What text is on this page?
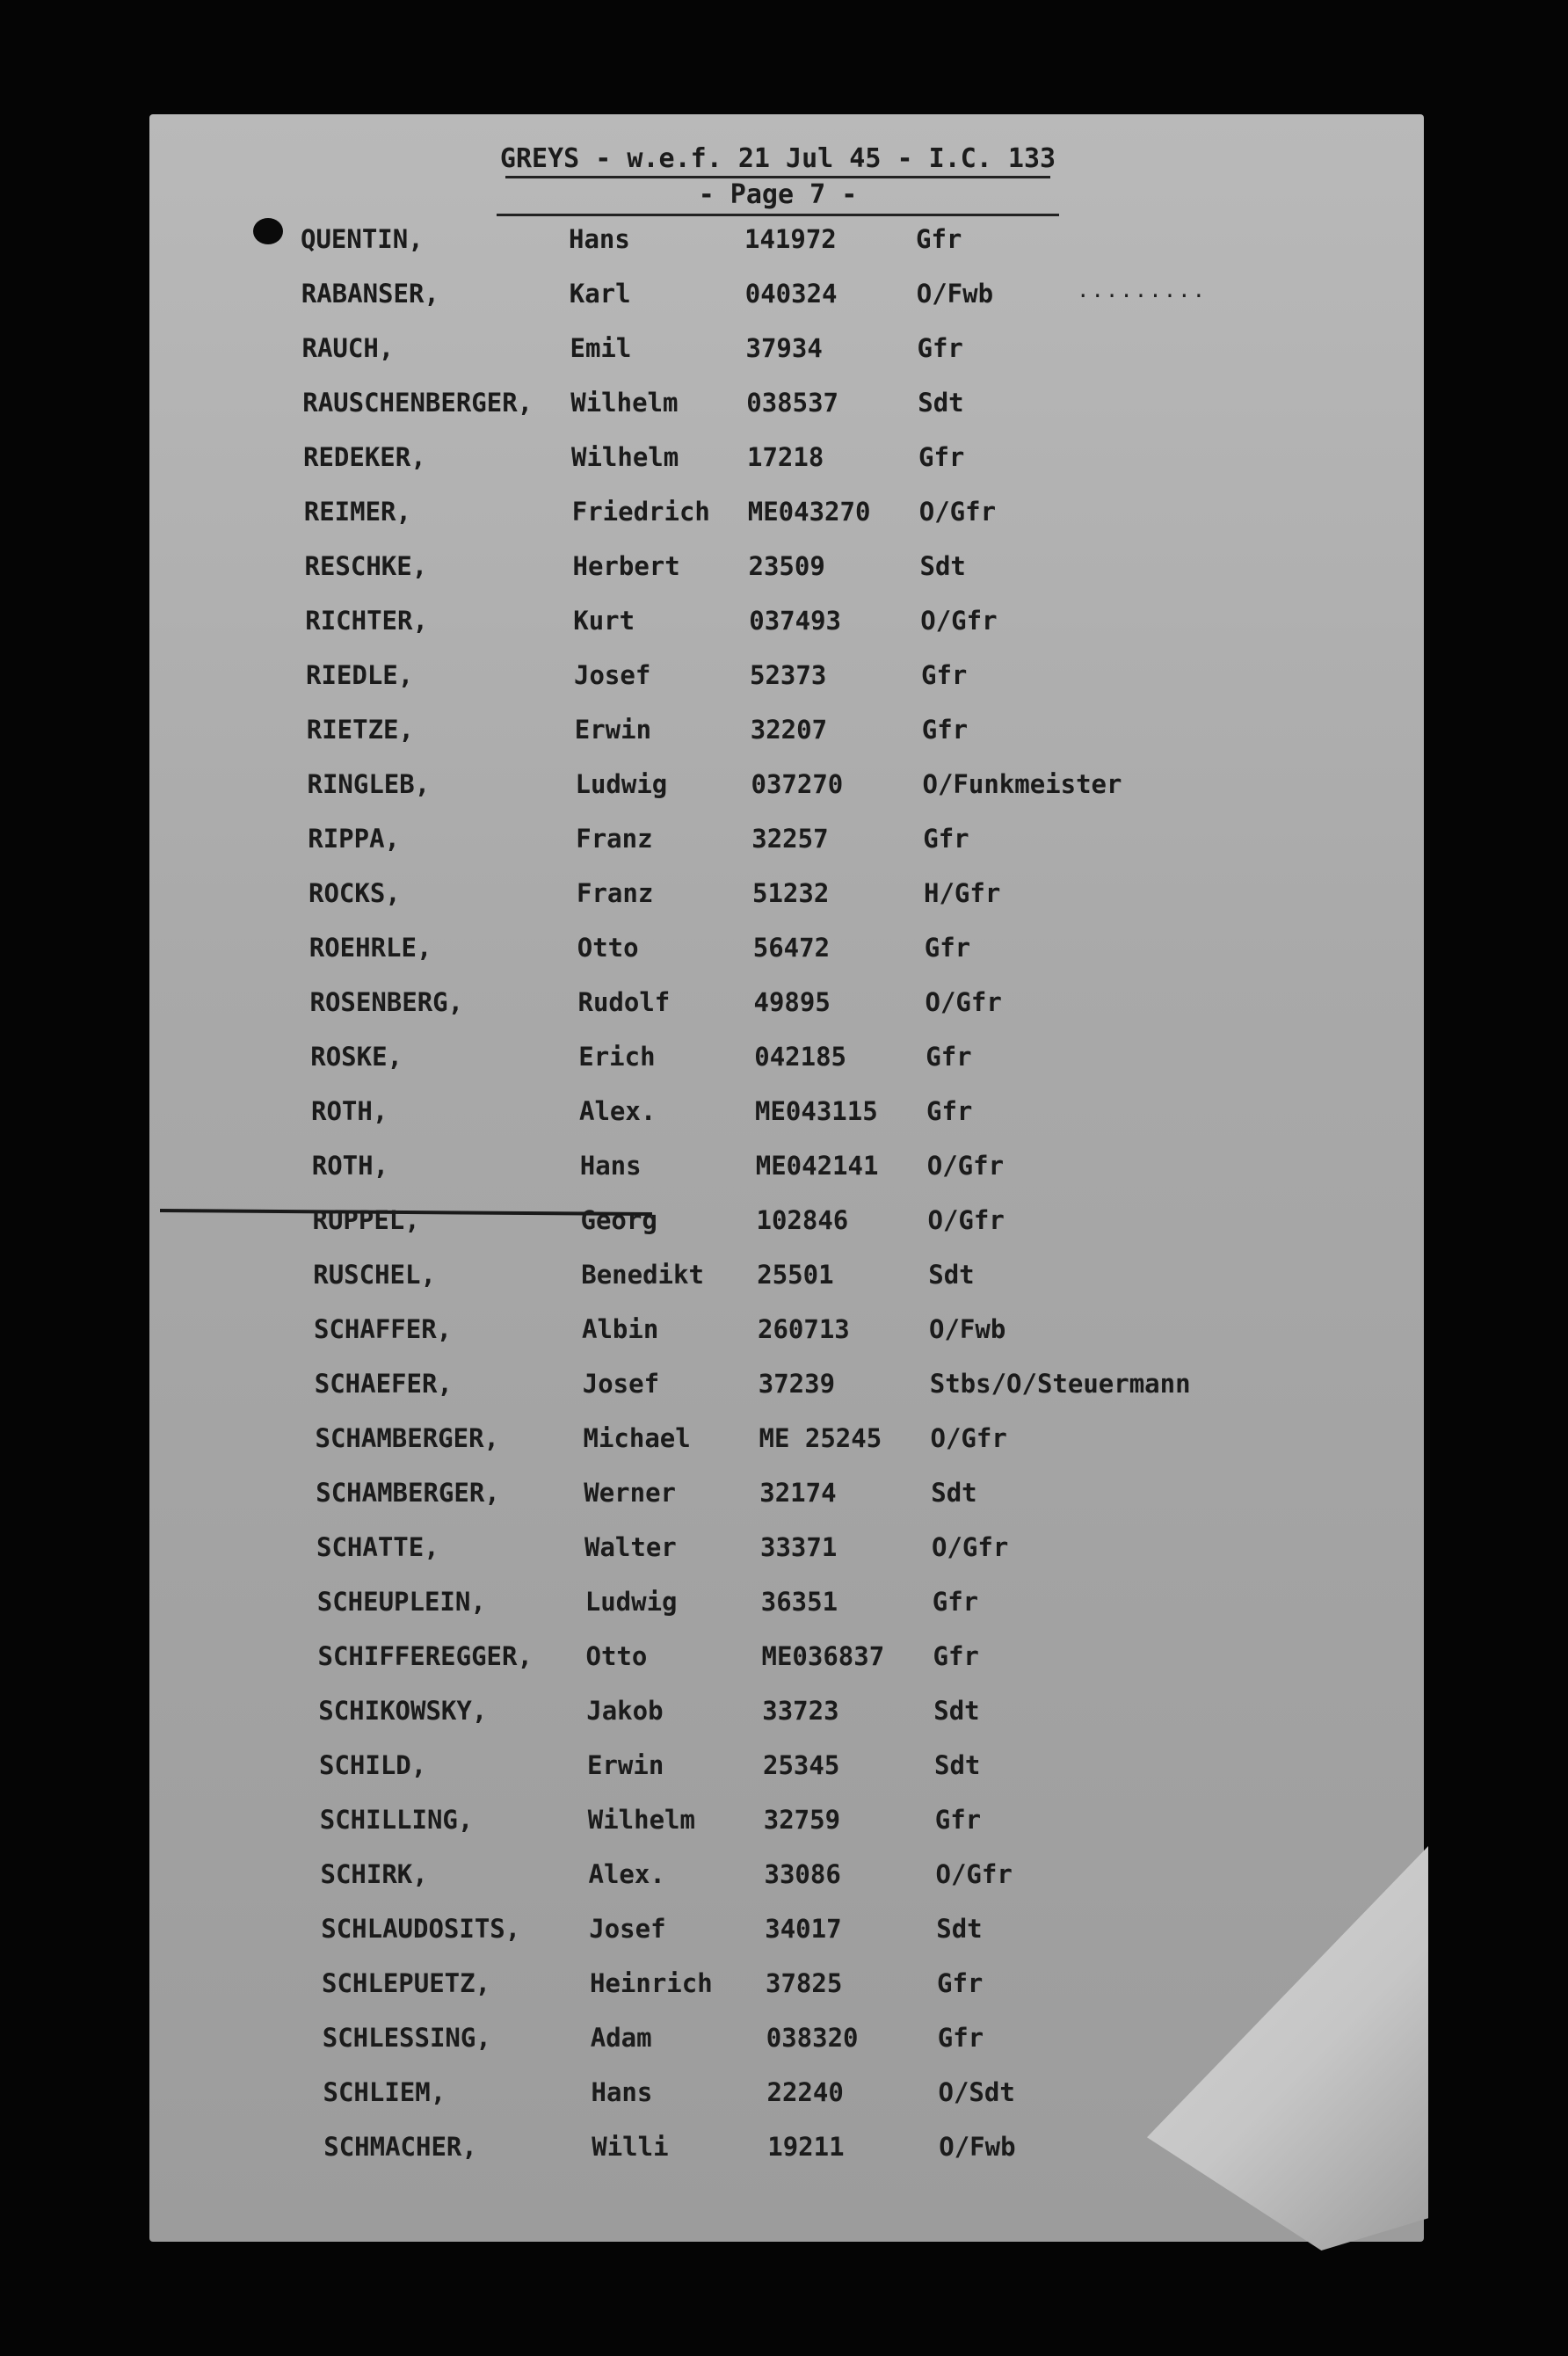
GREYS - w.e.f. 21 Jul 45 - I.C. 133
- Page 7 -
.........
QUENTIN,	Hans	141972	Gfr
RABANSER,	Karl	040324	O/Fwb
RAUCH,	Emil	37934	Gfr
RAUSCHENBERGER, Wilhelm	038537	Sdt
REDEKER,	Wilhelm	17218	Gfr
REIMER,	Friedrich ME043270 O/Gfr
RESCHKE,	Herbert	23509	Sdt
RICHTER,	Kurt	037493	O/Gfr
RIEDLE,	Josef	52373	Gfr
RIETZE,	Erwin	32207	Gfr
RINGLEB,	Ludwig	037270	O/Funkmeister
RIPPA,	Franz	32257	Gfr
ROCKS,	Franz	51232	H/Gfr
ROEHRLE,	Otto	56472	Gfr
ROSENBERG,	Rudolf	49895	O/Gfr
ROSKE,	Erich	042185	Gfr
ROTH,	Alex.	ME043115 Gfr
ROTH,	Hans	ME042141 O/Gfr
RUPPEL,	Georg	102846	O/Gfr
RUSCHEL,	Benedikt 25501	Sdt
SCHAFFER,	Albin	260713	O/Fwb
SCHAEFER,	Josef	37239	Stbs/O/Steuermann
SCHAMBERGER,	Michael	ME 25245 O/Gfr
SCHAMBERGER,	Werner	32174	Sdt
SCHATTE,	Walter	33371	O/Gfr
SCHEUPLEIN,	Ludwig	36351	Gfr
SCHIFFEREGGER, Otto	ME036837 Gfr
SCHIKOWSKY,	Jakob	33723	Sdt
SCHILD,	Erwin	25345	Sdt
SCHILLING,	Wilhelm	32759	Gfr
SCHIRK,	Alex.	33086	O/Gfr
SCHLAUDOSITS,	Josef	34017	Sdt
SCHLEPUETZ,	Heinrich 37825	Gfr
SCHLESSING,	Adam	038320	Gfr
SCHLIEM,	Hans	22240	O/Sdt
SCHMACHER,	Willi	19211	O/Fwb
